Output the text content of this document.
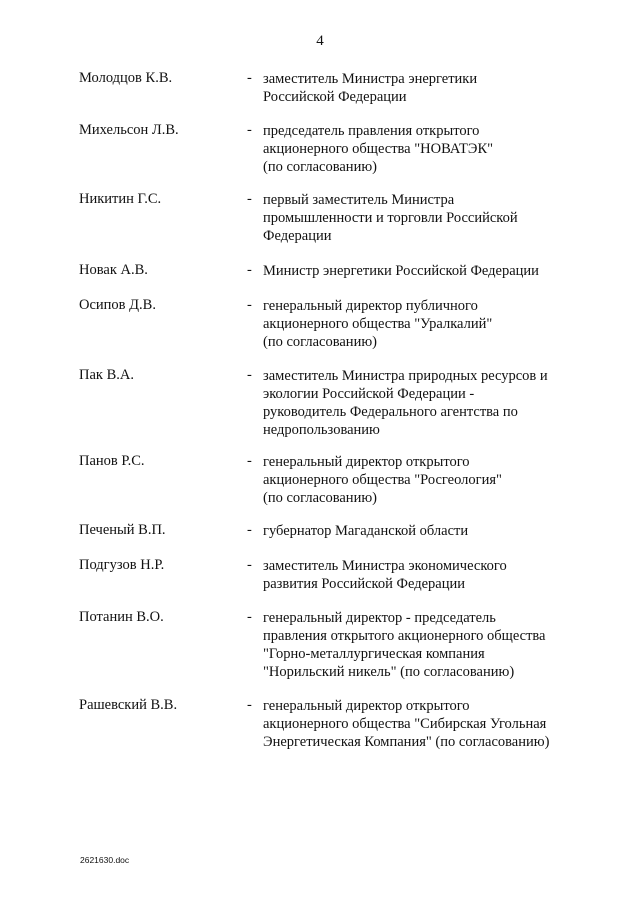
4
Молодцов К.В.	- заместитель Министра энергетики
Российской Федерации
Михельсон Л.В.	- председатель правления открытого
акционерного общества "НОВАТЭК"
(по согласованию)
Никитин Г.С.	- первый заместитель Министра
промышленности и торговли Российской
Федерации
Новак А.В.	- Министр энергетики Российской Федерации
Осипов Д.В.	- генеральный директор публичного
акционерного общества "Уралкалий"
(по согласованию)
Пак В.А.	- заместитель Министра природных ресурсов и
экологии Российской Федерации -
руководитель Федерального агентства по
недропользованию
Панов Р.С.	- генеральный директор открытого
акционерного общества "Росгеология"
(по согласованию)
Печеный В.П.	- губернатор Магаданской области
Подгузов Н.Р.	- заместитель Министра экономического
развития Российской Федерации
Потанин В.О.	- генеральный директор - председатель
правления открытого акционерного общества
"Горно-металлургическая компания
"Норильский никель" (по согласованию)
Рашевский В.В.	- генеральный директор открытого
акционерного общества "Сибирская Угольная
Энергетическая Компания" (по согласованию)
2621630.doc
